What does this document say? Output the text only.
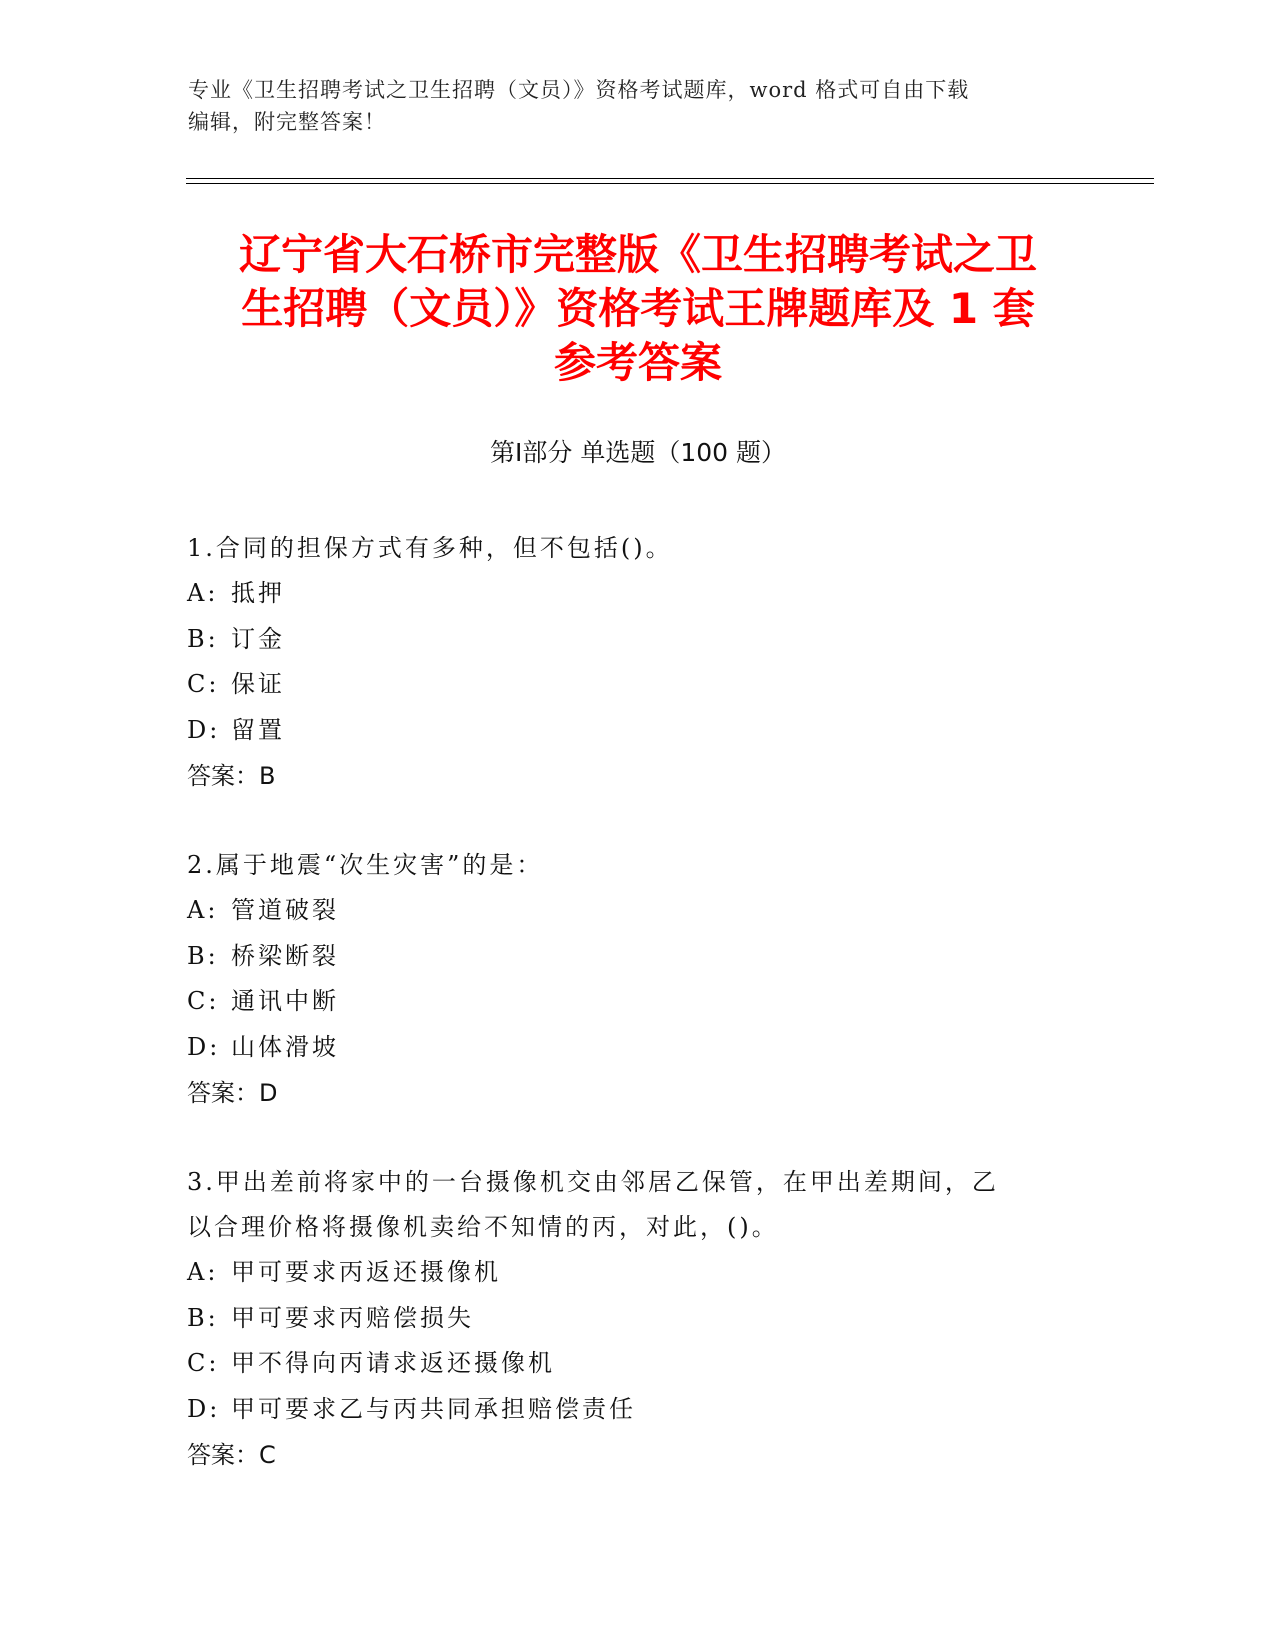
专业《卫生招聘考试之卫生招聘（文员）》资格考试题库，word 格式可自由下载
编辑，附完整答案！
辽宁省大石桥市完整版《卫生招聘考试之卫
生招聘（文员）》资格考试王牌题库及 1 套
参考答案
第Ⅰ部分 单选题（100 题）
1.合同的担保方式有多种，但不包括()。
A: 抵押
B: 订金
C: 保证
D: 留置
答案：B
2.属于地震“次生灾害”的是：
A: 管道破裂
B: 桥梁断裂
C: 通讯中断
D: 山体滑坡
答案：D
3.甲出差前将家中的一台摄像机交由邻居乙保管，在甲出差期间，乙
以合理价格将摄像机卖给不知情的丙，对此，()。
A: 甲可要求丙返还摄像机
B: 甲可要求丙赔偿损失
C: 甲不得向丙请求返还摄像机
D: 甲可要求乙与丙共同承担赔偿责任
答案：C
